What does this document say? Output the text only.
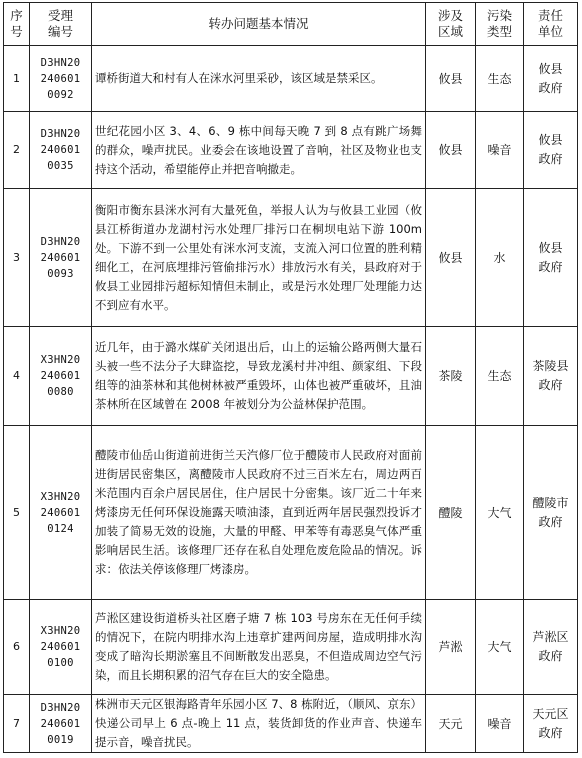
序
号	受理
编号	转办问题基本情况	涉及
区域	污染
类型	责任
单位

1	D3HN20
240601
0092	谭桥街道大和村有人在洣水河里采砂，该区域是禁采区。	攸县	生态	攸县
政府

2	D3HN20
240601
0035	世纪花园小区 3、4、6、9 栋中间每天晚 7 到 8 点有跳广场舞的群众，噪声扰民。业委会在该地设置了音响，社区及物业也支持这个活动，希望能停止并把音响撤走。	攸县	噪音	攸县
政府

3	D3HN20
240601
0093	衡阳市衡东县洣水河有大量死鱼，举报人认为与攸县工业园（攸县江桥街道办龙湖村污水处理厂排污口在桐坝电站下游 100m 处。下游不到一公里处有洣水河支流，支流入河口位置的胜利精细化工，在河底埋排污管偷排污水）排放污水有关，县政府对于攸县工业园排污超标知情但未制止，或是污水处理厂处理能力达不到应有水平。	攸县	水	攸县
政府

4	X3HN20
240601
0080	近几年，由于潞水煤矿关闭退出后，山上的运输公路两侧大量石头被一些不法分子大肆盗挖，导致龙溪村井冲组、颜家组、下段组等的油茶林和其他树林被严重毁坏，山体也被严重破坏，且油茶林所在区域曾在 2008 年被划分为公益林保护范围。	茶陵	生态	茶陵县
政府

5	X3HN20
240601
0124	醴陵市仙岳山街道前进街兰天汽修厂位于醴陵市人民政府对面前进街居民密集区，离醴陵市人民政府不过三百米左右，周边两百米范围内百余户居民居住，住户居民十分密集。该厂近二十年来烤漆房无任何环保设施露天喷油漆，直到近两年居民强烈投诉才加装了简易无效的设施，大量的甲醛、甲苯等有毒恶臭气体严重影响居民生活。该修理厂还存在私自处理危废危险品的情况。诉求：依法关停该修理厂烤漆房。	醴陵	大气	醴陵市
政府

6	X3HN20
240601
0100	芦淞区建设街道桥头社区磨子塘 7 栋 103 号房东在无任何手续的情况下，在院内明排水沟上违章扩建两间房屋，造成明排水沟变成了暗沟长期淤塞且不间断散发出恶臭，不但造成周边空气污染，而且长期积累的沼气存在巨大的安全隐患。	芦淞	大气	芦淞区
政府

7	D3HN20
240601
0019	株洲市天元区银海路青年乐园小区 7、8 栋附近，（顺风、京东）快递公司早上 6 点-晚上 11 点，装货卸货的作业声音、快递车提示音，噪音扰民。	天元	噪音	天元区
政府
